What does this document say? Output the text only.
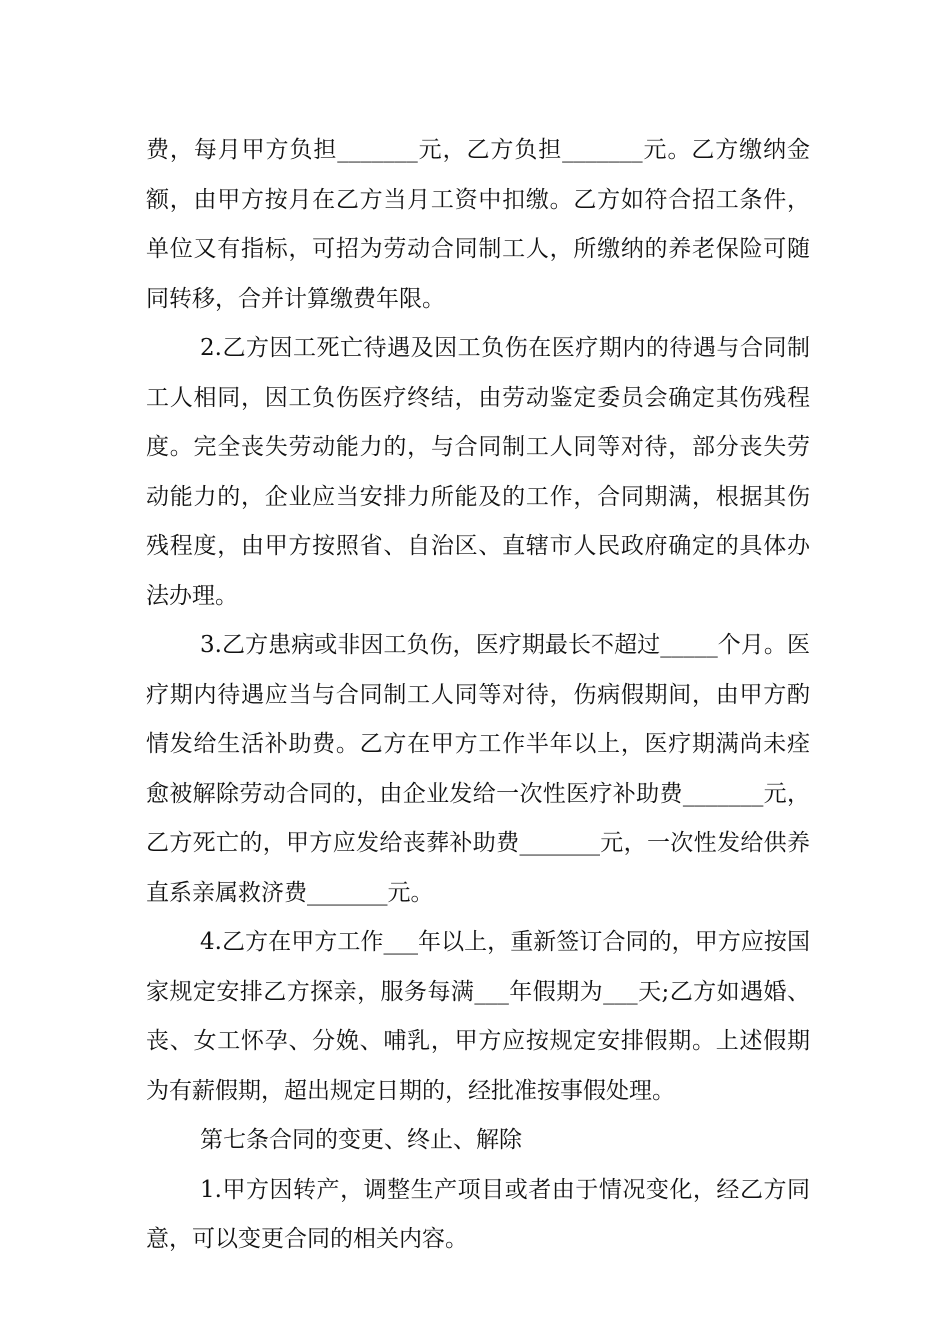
费，每月甲方负担_______元，乙方负担_______元。乙方缴纳金额，由甲方按月在乙方当月工资中扣缴。乙方如符合招工条件，单位又有指标，可招为劳动合同制工人，所缴纳的养老保险可随同转移，合并计算缴费年限。

2.乙方因工死亡待遇及因工负伤在医疗期内的待遇与合同制工人相同，因工负伤医疗终结，由劳动鉴定委员会确定其伤残程度。完全丧失劳动能力的，与合同制工人同等对待，部分丧失劳动能力的，企业应当安排力所能及的工作，合同期满，根据其伤残程度，由甲方按照省、自治区、直辖市人民政府确定的具体办法办理。

3.乙方患病或非因工负伤，医疗期最长不超过_____个月。医疗期内待遇应当与合同制工人同等对待，伤病假期间，由甲方酌情发给生活补助费。乙方在甲方工作半年以上，医疗期满尚未痊愈被解除劳动合同的，由企业发给一次性医疗补助费_______元，乙方死亡的，甲方应发给丧葬补助费_______元，一次性发给供养直系亲属救济费_______元。

4.乙方在甲方工作___年以上，重新签订合同的，甲方应按国家规定安排乙方探亲，服务每满___年假期为___天;乙方如遇婚、丧、女工怀孕、分娩、哺乳，甲方应按规定安排假期。上述假期为有薪假期，超出规定日期的，经批准按事假处理。

第七条合同的变更、终止、解除

1.甲方因转产，调整生产项目或者由于情况变化，经乙方同意，可以变更合同的相关内容。
